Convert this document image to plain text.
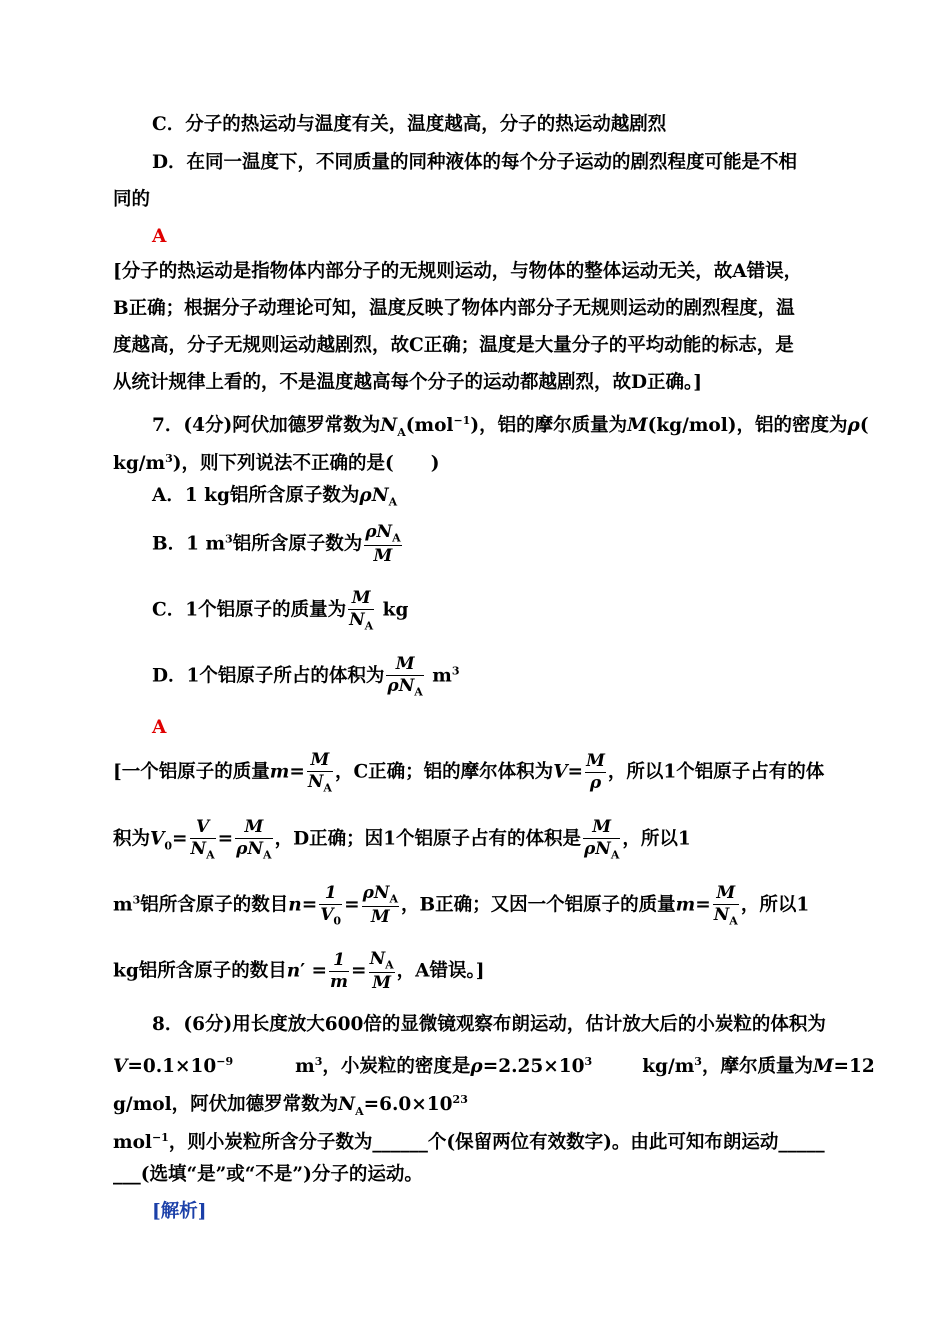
C．分子的热运动与温度有关，温度越高，分子的热运动越剧烈
D．在同一温度下，不同质量的同种液体的每个分子运动的剧烈程度可能是不相
同的
A
[分子的热运动是指物体内部分子的无规则运动，与物体的整体运动无关，故A错误，
B正确；根据分子动理论可知，温度反映了物体内部分子无规则运动的剧烈程度，温
度越高，分子无规则运动越剧烈，故C正确；温度是大量分子的平均动能的标志，是
从统计规律上看的，不是温度越高每个分子的运动都越剧烈，故D正确。]
7．(4分)阿伏加德罗常数为$N_A(mol^{-1})$，铝的摩尔质量为M(kg/mol)，铝的密度为ρ(
$kg/m^3$)，则下列说法不正确的是(　　)
A．1 kg铝所含原子数为$\rho N_A$
B．1 $m^3$铝所含原子数为 $\frac{\rho N_A}{M}$
C．1个铝原子的质量为 $\frac{M}{N_A}$ kg
D．1个铝原子所占的体积为 $\frac{M}{\rho N_A} m^3$
A
[一个铝原子的质量$m= \frac{M}{N_A}$ ，C正确；铝的摩尔体积为$V= \frac{M}{\rho}$ ，所以1个铝原子占有的体
积为$V_0= \frac{V}{N_A} = \frac{M}{\rho N_A}$ ，D正确；因1个铝原子占有的体积是 $\frac{M}{\rho N_A}$ ，所以1
$m^3$铝所含原子的数目$n= \frac{1}{V_0} = \frac{\rho N_A}{M}$ ，B正确；又因一个铝原子的质量$m= \frac{M}{N_A}$ ，所以1
kg铝所含原子的数目$n' = \frac{1}{m} = \frac{N_A}{M}$ ，A错误。]
8．(6分)用长度放大600倍的显微镜观察布朗运动，估计放大后的小炭粒的体积为
$V=0.1\times 10^{-9}$	$m^3$，小炭粒的密度是$\rho=2.25\times 10^3$	$kg/m^3$，摩尔质量为M=12
g/mol，阿伏加德罗常数为$N_A=6.0\times 10^{23}$
mol$^{-1}$，则小炭粒所含分子数为______个(保留两位有效数字)。由此可知布朗运动_____
___(选填“是”或“不是”)分子的运动。
[解析]
